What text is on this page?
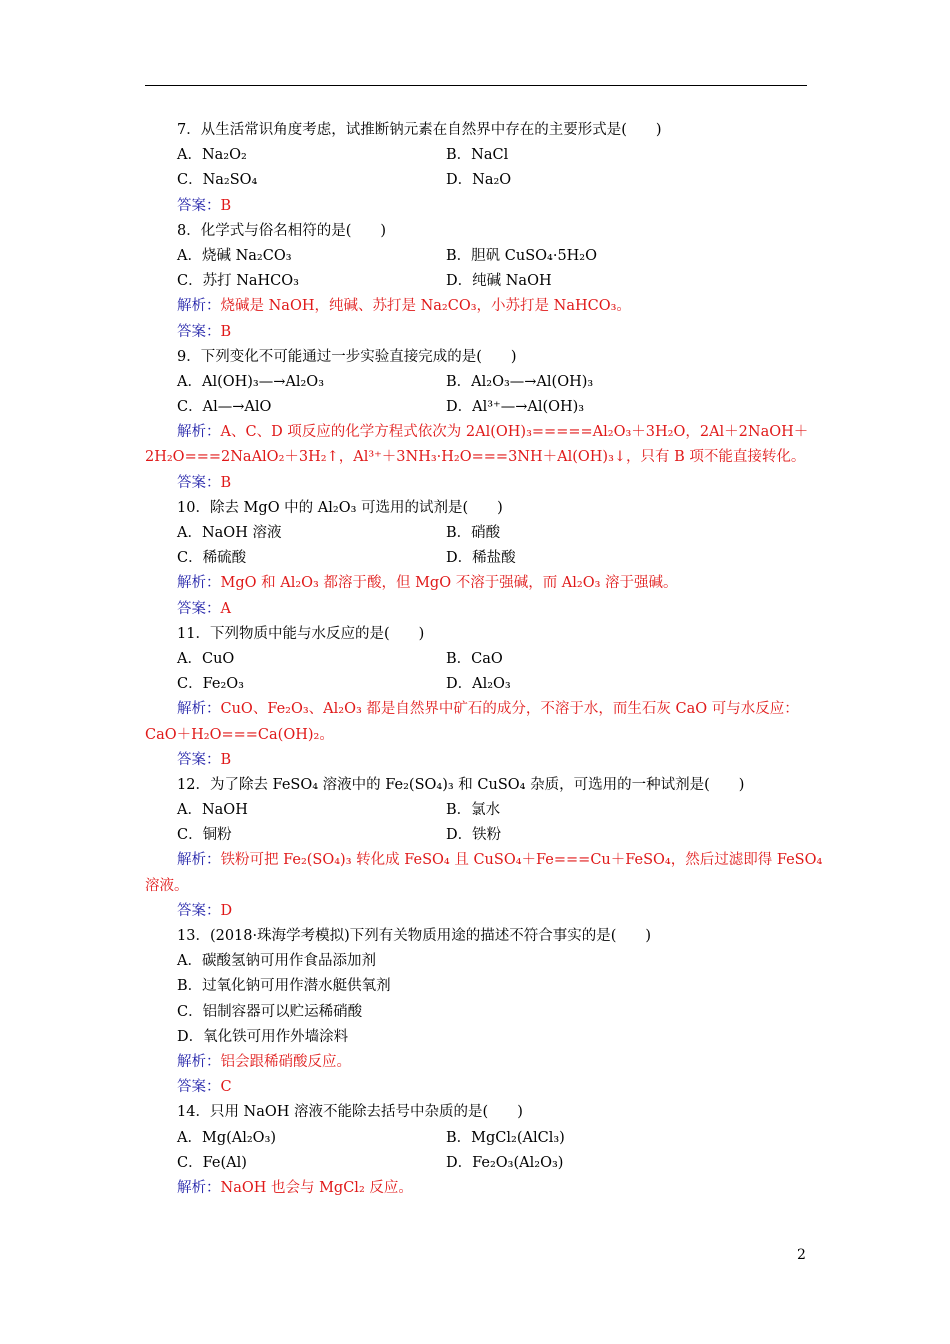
7．从生活常识角度考虑，试推断钠元素在自然界中存在的主要形式是(　　)
A．Na₂O₂	B．NaCl
C．Na₂SO₄	D．Na₂O
答案：B
8．化学式与俗名相符的是(　　)
A．烧碱 Na₂CO₃	B．胆矾 CuSO₄·5H₂O
C．苏打 NaHCO₃	D．纯碱 NaOH
解析：烧碱是 NaOH，纯碱、苏打是 Na₂CO₃，小苏打是 NaHCO₃。
答案：B
9．下列变化不可能通过一步实验直接完成的是(　　)
A．Al(OH)₃—→Al₂O₃	B．Al₂O₃—→Al(OH)₃
C．Al—→AlO	D．Al³⁺—→Al(OH)₃
解析：A、C、D 项反应的化学方程式依次为 2Al(OH)₃=====Al₂O₃＋3H₂O，2Al＋2NaOH＋
2H₂O===2NaAlO₂＋3H₂↑，Al³⁺＋3NH₃·H₂O===3NH＋Al(OH)₃↓，只有 B 项不能直接转化。
答案：B
10．除去 MgO 中的 Al₂O₃ 可选用的试剂是(　　)
A．NaOH 溶液	B．硝酸
C．稀硫酸	D．稀盐酸
解析：MgO 和 Al₂O₃ 都溶于酸，但 MgO 不溶于强碱，而 Al₂O₃ 溶于强碱。
答案：A
11．下列物质中能与水反应的是(　　)
A．CuO	B．CaO
C．Fe₂O₃	D．Al₂O₃
解析：CuO、Fe₂O₃、Al₂O₃ 都是自然界中矿石的成分，不溶于水，而生石灰 CaO 可与水反应：
CaO＋H₂O===Ca(OH)₂。
答案：B
12．为了除去 FeSO₄ 溶液中的 Fe₂(SO₄)₃ 和 CuSO₄ 杂质，可选用的一种试剂是(　　)
A．NaOH	B．氯水
C．铜粉	D．铁粉
解析：铁粉可把 Fe₂(SO₄)₃ 转化成 FeSO₄ 且 CuSO₄＋Fe===Cu＋FeSO₄，然后过滤即得 FeSO₄
溶液。
答案：D
13．(2018·珠海学考模拟)下列有关物质用途的描述不符合事实的是(　　)
A．碳酸氢钠可用作食品添加剂
B．过氧化钠可用作潜水艇供氧剂
C．铝制容器可以贮运稀硝酸
D．氧化铁可用作外墙涂料
解析：铝会跟稀硝酸反应。
答案：C
14．只用 NaOH 溶液不能除去括号中杂质的是(　　)
A．Mg(Al₂O₃)	B．MgCl₂(AlCl₃)
C．Fe(Al)	D．Fe₂O₃(Al₂O₃)
解析：NaOH 也会与 MgCl₂ 反应。
2
